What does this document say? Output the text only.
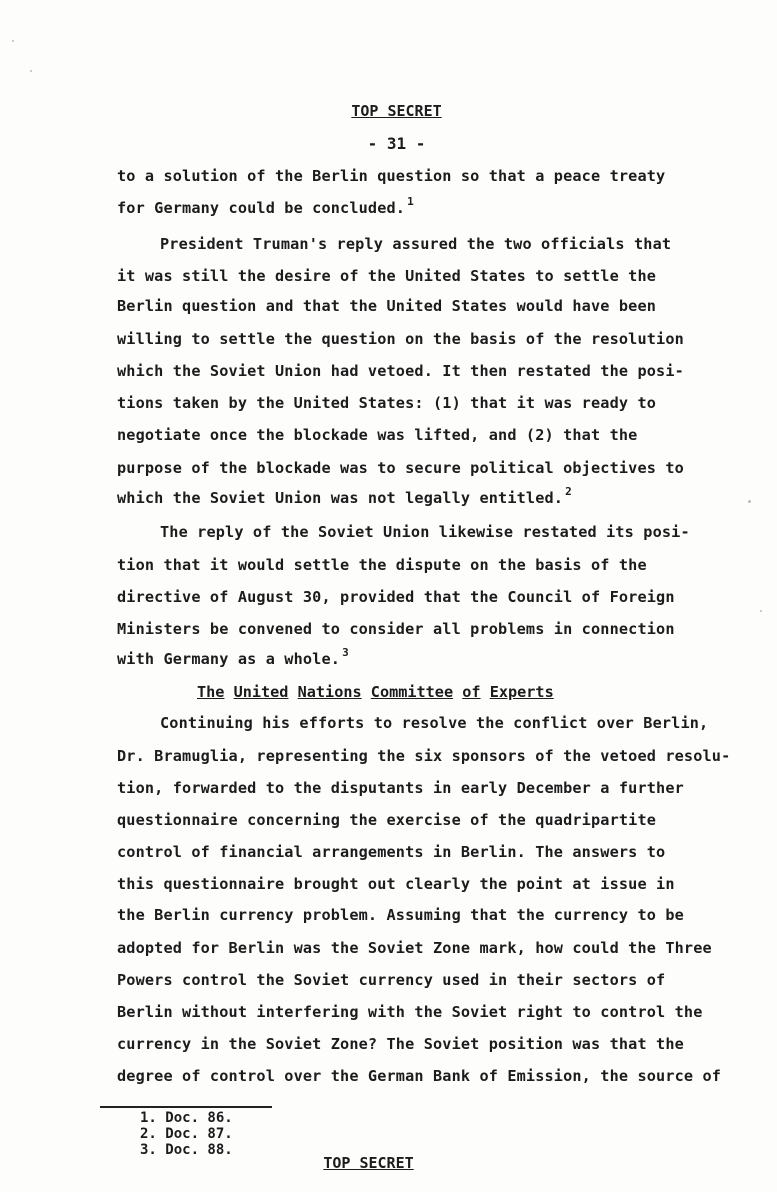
TOP SECRET
- 31 -
to a solution of the Berlin question so that a peace treaty
for Germany could be concluded. $^1$
President Truman's reply assured the two officials that
it was still the desire of the United States to settle the
Berlin question and that the United States would have been
willing to settle the question on the basis of the resolution
which the Soviet Union had vetoed. It then restated the posi-
tions taken by the United States: (1) that it was ready to
negotiate once the blockade was lifted, and (2) that the
purpose of the blockade was to secure political objectives to
which the Soviet Union was not legally entitled. $^2$
The reply of the Soviet Union likewise restated its posi-
tion that it would settle the dispute on the basis of the
directive of August 30, provided that the Council of Foreign
Ministers be convened to consider all problems in connection
with Germany as a whole. $^3$
The United Nations Committee of Experts
Continuing his efforts to resolve the conflict over Berlin,
Dr. Bramuglia, representing the six sponsors of the vetoed resolu-
tion, forwarded to the disputants in early December a further
questionnaire concerning the exercise of the quadripartite
control of financial arrangements in Berlin. The answers to
this questionnaire brought out clearly the point at issue in
the Berlin currency problem. Assuming that the currency to be
adopted for Berlin was the Soviet Zone mark, how could the Three
Powers control the Soviet currency used in their sectors of
Berlin without interfering with the Soviet right to control the
currency in the Soviet Zone? The Soviet position was that the
degree of control over the German Bank of Emission, the source of
1. Doc. 86.
2. Doc. 87.
3. Doc. 88.
TOP SECRET
